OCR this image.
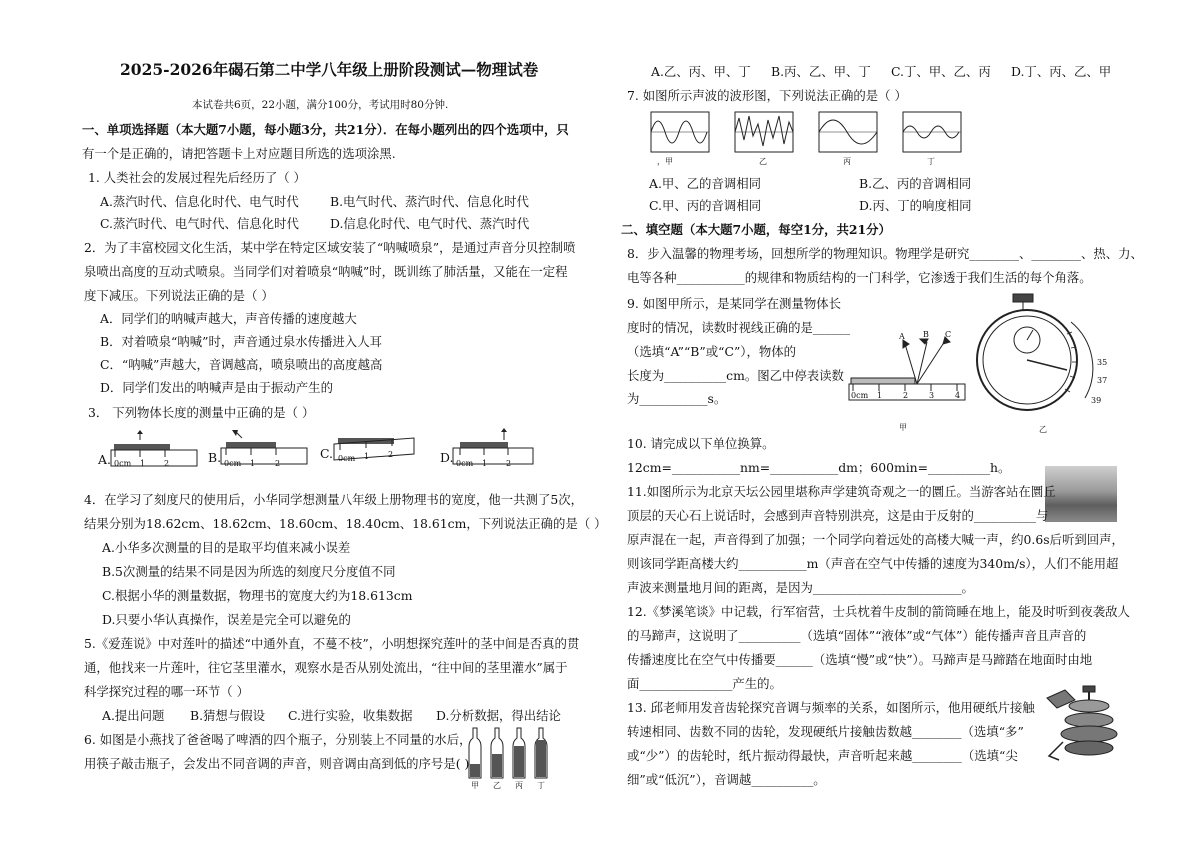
2025-2026年碣石第二中学八年级上册阶段测试—物理试卷
本试卷共6页，22小题，满分100分，考试用时80分钟.
一、单项选择题（本大题7小题，每小题3分，共21分）．在每小题列出的四个选项中，只
有一个是正确的，请把答题卡上对应题目所选的选项涂黑.
1. 人类社会的发展过程先后经历了（ ）
A.蒸汽时代、信息化时代、电气时代	B.电气时代、蒸汽时代、信息化时代
C.蒸汽时代、电气时代、信息化时代	D.信息化时代、电气时代、蒸汽时代
2．为了丰富校园文化生活，某中学在特定区域安装了“呐喊喷泉”，是通过声音分贝控制喷
泉喷出高度的互动式喷泉。当同学们对着喷泉“呐喊”时，既训练了肺活量，又能在一定程
度下减压。下列说法正确的是（ ）
A．同学们的呐喊声越大，声音传播的速度越大
B．对着喷泉“呐喊”时，声音通过泉水传播进入人耳
C．“呐喊”声越大，音调越高，喷泉喷出的高度越高
D．同学们发出的呐喊声是由于振动产生的
3． 下列物体长度的测量中正确的是（ ）
A. 0cm 1 2	B. 0cm 1 2
C. 0cm 1 2	D. 0cm 1 2
4．在学习了刻度尺的使用后，小华同学想测量八年级上册物理书的宽度，他一共测了5次，
结果分别为18.62cm、18.62cm、18.60cm、18.40cm、18.61cm，下列说法正确的是（ ）
A.小华多次测量的目的是取平均值来减小误差
B.5次测量的结果不同是因为所选的刻度尺分度值不同
C.根据小华的测量数据，物理书的宽度大约为18.613cm
D.只要小华认真操作，误差是完全可以避免的
5.《爱莲说》中对莲叶的描述“中通外直，不蔓不枝”，小明想探究莲叶的茎中间是否真的贯
通，他找来一片莲叶，往它茎里灌水，观察水是否从别处流出，“往中间的茎里灌水”属于
科学探究过程的哪一环节（ ）
A.提出问题 B.猜想与假设 C.进行实验，收集数据 D.分析数据，得出结论
6. 如图是小燕找了爸爸喝了啤酒的四个瓶子，分别装上不同量的水后，
用筷子敲击瓶子，会发出不同音调的声音，则音调由高到低的序号是( )
甲 乙 丙 丁
A.乙、丙、甲、丁 B.丙、乙、甲、丁 C.丁、甲、乙、丙 D.丁、丙、乙、甲
7. 如图所示声波的波形图，下列说法正确的是（ ）
，甲	乙	丙	丁
A.甲、乙的音调相同	B.乙、丙的音调相同
C.甲、丙的音调相同	D.丙、丁的响度相同
二、填空题（本大题7小题，每空1分，共21分）
8．步入温馨的物理考场，回想所学的物理知识。物理学是研究________、________、热、力、
电等各种___________的规律和物质结构的一门科学，它渗透于我们生活的每个角落。
9. 如图甲所示，是某同学在测量物体长
度时的情况，读数时视线正确的是______
（选填“A”“B”或“C”），物体的
长度为__________cm。图乙中停表读数
为___________s。
A B C
0cm 1	2	3	4
甲
35
37
39
乙
10. 请完成以下单位换算。
12cm=___________nm=___________dm；600min=__________h。
11.如图所示为北京天坛公园里堪称声学建筑奇观之一的圜丘。当游客站在圜丘
顶层的天心石上说话时，会感到声音特别洪亮，这是由于反射的__________与
原声混在一起，声音得到了加强；一个同学向着远处的高楼大喊一声，约0.6s后听到回声，
则该同学距高楼大约___________m（声音在空气中传播的速度为340m/s），人们不能用超
声波来测量地月间的距离，是因为________________________。
12.《梦溪笔谈》中记载，行军宿营，士兵枕着牛皮制的箭筒睡在地上，能及时听到夜袭敌人
的马蹄声，这说明了__________（选填“固体”“液体”或“气体”）能传播声音且声音的
传播速度比在空气中传播要______（选填“慢”或“快”）。马蹄声是马蹄踏在地面时由地
面_______________产生的。
13. 邱老师用发音齿轮探究音调与频率的关系，如图所示，他用硬纸片接触
转速相同、齿数不同的齿轮，发现硬纸片接触齿数越________（选填“多”
或“少”）的齿轮时，纸片振动得最快，声音听起来越________（选填“尖
细”或“低沉”），音调越__________。
